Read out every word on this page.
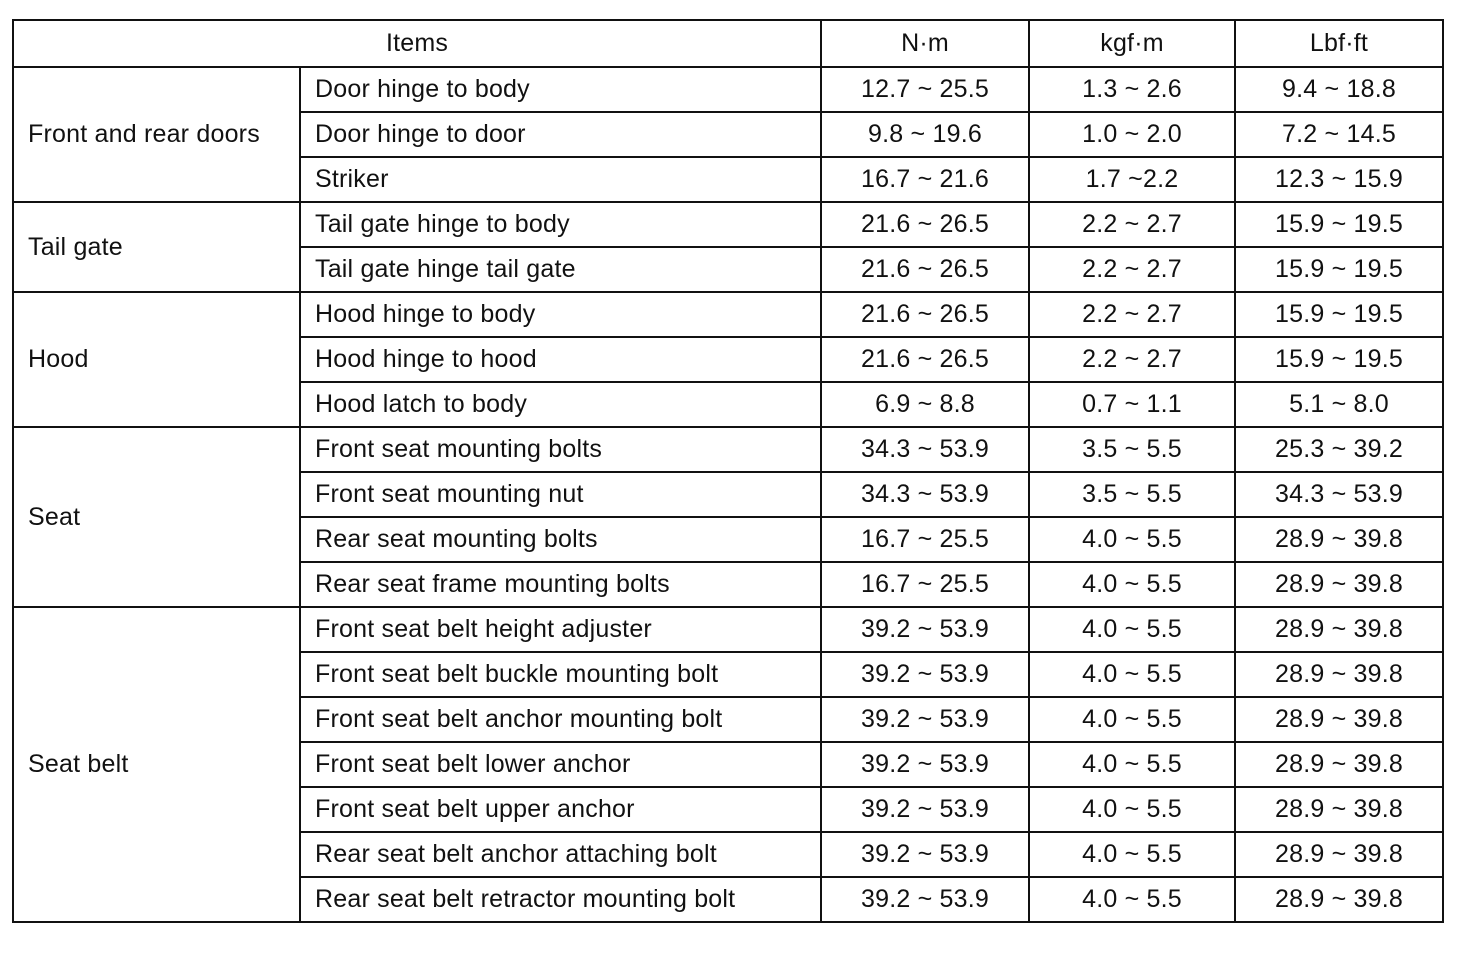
Items		N·m	kgf·m	Lbf·ft
Front and rear doors	Door hinge to body	12.7 ~ 25.5	1.3 ~ 2.6	9.4 ~ 18.8
	Door hinge to door	9.8 ~ 19.6	1.0 ~ 2.0	7.2 ~ 14.5
	Striker	16.7 ~ 21.6	1.7 ~2.2	12.3 ~ 15.9
Tail gate	Tail gate hinge to body	21.6 ~ 26.5	2.2 ~ 2.7	15.9 ~ 19.5
	Tail gate hinge tail gate	21.6 ~ 26.5	2.2 ~ 2.7	15.9 ~ 19.5
Hood	Hood hinge to body	21.6 ~ 26.5	2.2 ~ 2.7	15.9 ~ 19.5
	Hood hinge to hood	21.6 ~ 26.5	2.2 ~ 2.7	15.9 ~ 19.5
	Hood latch to body	6.9 ~ 8.8	0.7 ~ 1.1	5.1 ~ 8.0
Seat	Front seat mounting bolts	34.3 ~ 53.9	3.5 ~ 5.5	25.3 ~ 39.2
	Front seat mounting nut	34.3 ~ 53.9	3.5 ~ 5.5	34.3 ~ 53.9
	Rear seat mounting bolts	16.7 ~ 25.5	4.0 ~ 5.5	28.9 ~ 39.8
	Rear seat frame mounting bolts	16.7 ~ 25.5	4.0 ~ 5.5	28.9 ~ 39.8
Seat belt	Front seat belt height adjuster	39.2 ~ 53.9	4.0 ~ 5.5	28.9 ~ 39.8
	Front seat belt buckle mounting bolt	39.2 ~ 53.9	4.0 ~ 5.5	28.9 ~ 39.8
	Front seat belt anchor mounting bolt	39.2 ~ 53.9	4.0 ~ 5.5	28.9 ~ 39.8
	Front seat belt lower anchor	39.2 ~ 53.9	4.0 ~ 5.5	28.9 ~ 39.8
	Front seat belt upper anchor	39.2 ~ 53.9	4.0 ~ 5.5	28.9 ~ 39.8
	Rear seat belt anchor attaching bolt	39.2 ~ 53.9	4.0 ~ 5.5	28.9 ~ 39.8
	Rear seat belt retractor mounting bolt	39.2 ~ 53.9	4.0 ~ 5.5	28.9 ~ 39.8
